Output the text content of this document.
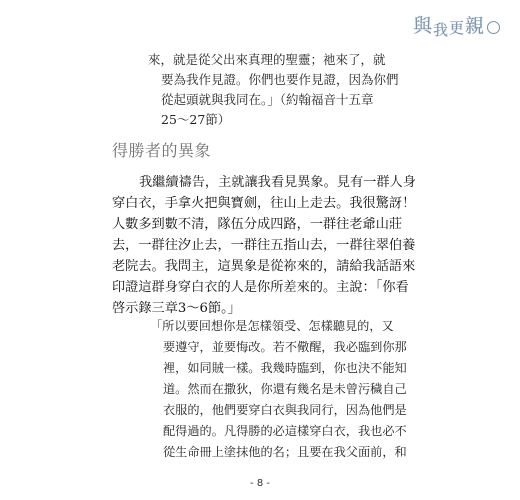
與 我 更 親
來，就是從父出來真理的聖靈；祂來了，就
要為我作見證。你們也要作見證，因為你們
從起頭就與我同在。」（約翰福音十五章
25～27節）
得勝者的異象
我繼續禱告，主就讓我看見異象。見有一群人身
穿白衣，手拿火把與寶劍，往山上走去。我很驚訝！
人數多到數不清，隊伍分成四路，一群往老爺山莊
去，一群往汐止去，一群往五指山去，一群往翠伯養
老院去。我問主，這異象是從祢來的，請給我話語來
印證這群身穿白衣的人是你所差來的。主說：「你看
啓示錄三章3～6節。」
「所以要回想你是怎樣領受、怎樣聽見的，又
要遵守，並要悔改。若不儆醒，我必臨到你那
裡，如同賊一樣。我幾時臨到，你也決不能知
道。然而在撒狄，你還有幾名是未曾污穢自己
衣服的，他們要穿白衣與我同行，因為他們是
配得過的。凡得勝的必這樣穿白衣，我也必不
從生命冊上塗抹他的名；且要在我父面前，和
- 8 -
